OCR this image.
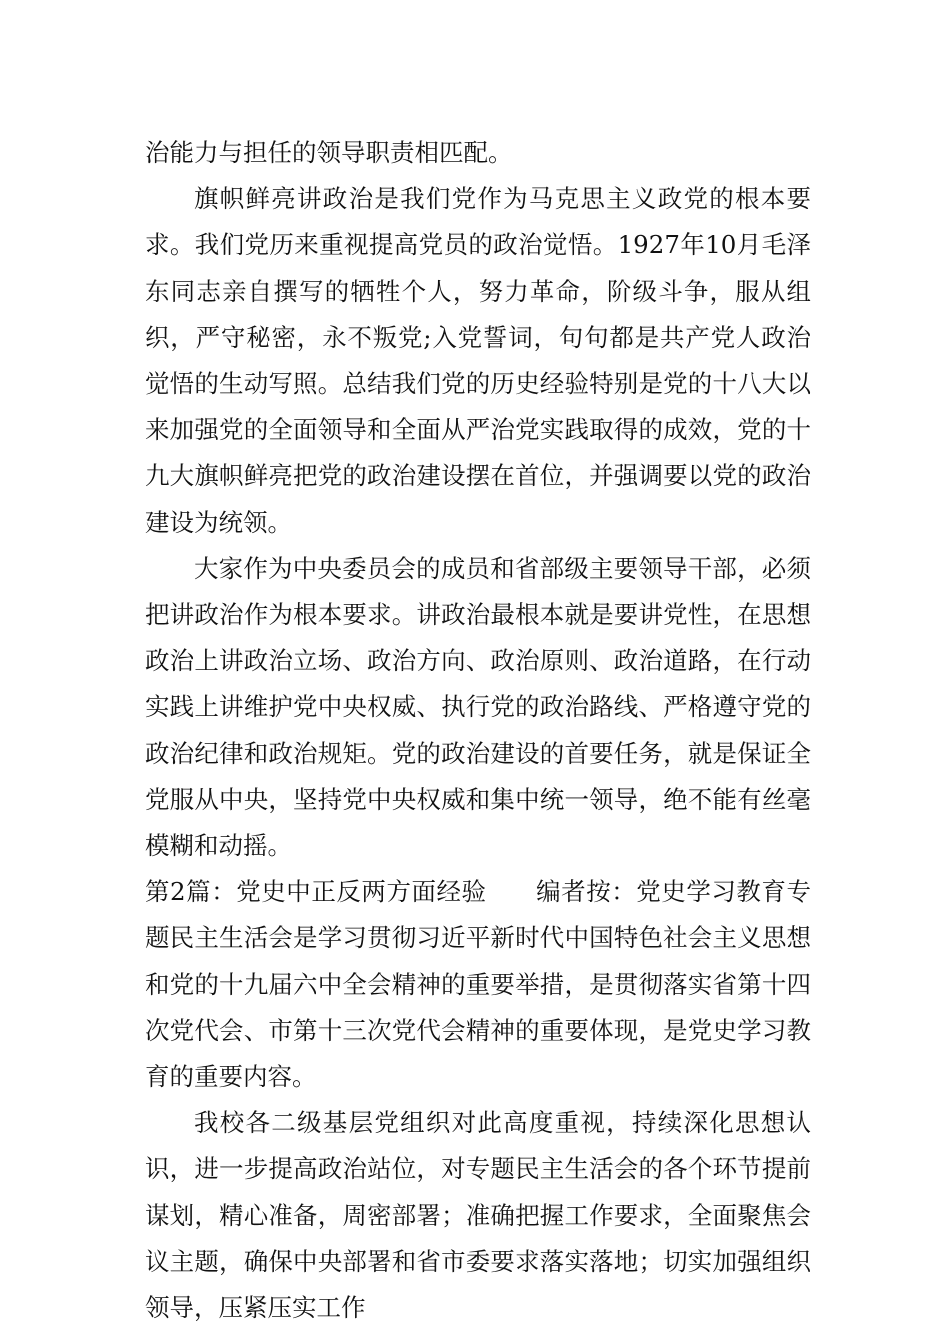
治能力与担任的领导职责相匹配。

旗帜鲜亮讲政治是我们党作为马克思主义政党的根本要求。我们党历来重视提高党员的政治觉悟。1927年10月毛泽东同志亲自撰写的牺牲个人，努力革命，阶级斗争，服从组织，严守秘密，永不叛党;入党誓词，句句都是共产党人政治觉悟的生动写照。总结我们党的历史经验特别是党的十八大以来加强党的全面领导和全面从严治党实践取得的成效，党的十九大旗帜鲜亮把党的政治建设摆在首位，并强调要以党的政治建设为统领。

大家作为中央委员会的成员和省部级主要领导干部，必须把讲政治作为根本要求。讲政治最根本就是要讲党性，在思想政治上讲政治立场、政治方向、政治原则、政治道路，在行动实践上讲维护党中央权威、执行党的政治路线、严格遵守党的政治纪律和政治规矩。党的政治建设的首要任务，就是保证全党服从中央，坚持党中央权威和集中统一领导，绝不能有丝毫模糊和动摇。

第2篇：党史中正反两方面经验 编者按：党史学习教育专题民主生活会是学习贯彻习近平新时代中国特色社会主义思想和党的十九届六中全会精神的重要举措，是贯彻落实省第十四次党代会、市第十三次党代会精神的重要体现，是党史学习教育的重要内容。

我校各二级基层党组织对此高度重视，持续深化思想认识，进一步提高政治站位，对专题民主生活会的各个环节提前谋划，精心准备，周密部署；准确把握工作要求，全面聚焦会议主题，确保中央部署和省市委要求落实落地；切实加强组织领导，压紧压实工作
